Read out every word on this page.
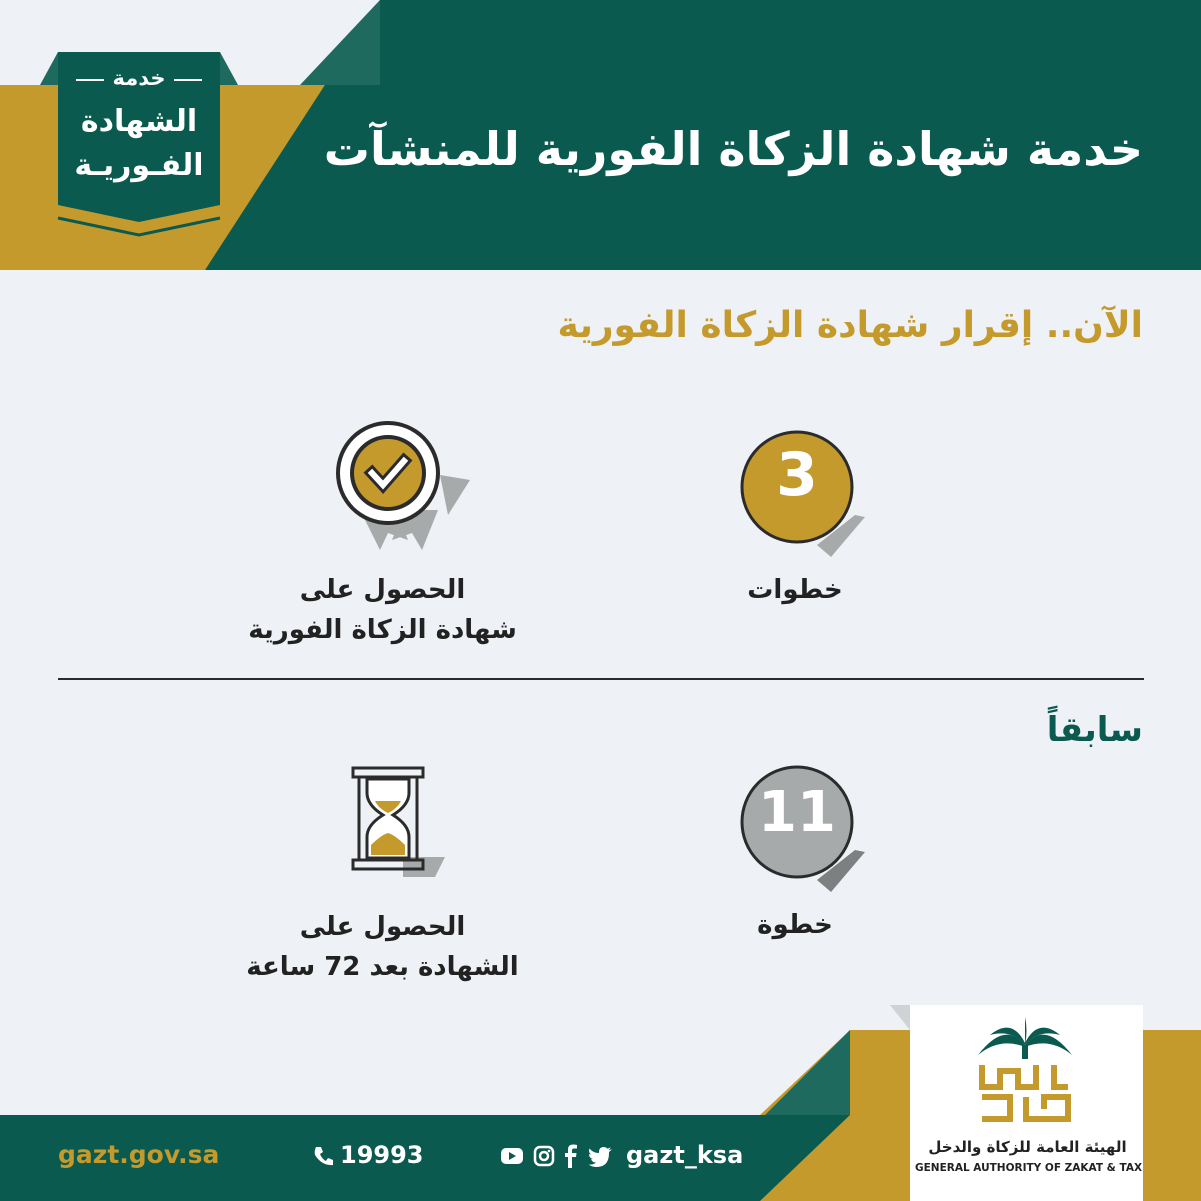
خدمة
الشهادة
الفـوريـة	خدمة شهادة الزكاة الفورية للمنشآت
الآن.. إقرار شهادة الزكاة الفورية
3
خطوات
الحصول على
شهادة الزكاة الفورية
سابقاً
11
خطوة
الحصول على
الشهادة بعد 72 ساعة
gazt.gov.sa	19993	gazt_ksa	الهيئة العامة للزكاة والدخل
GENERAL AUTHORITY OF ZAKAT & TAX
